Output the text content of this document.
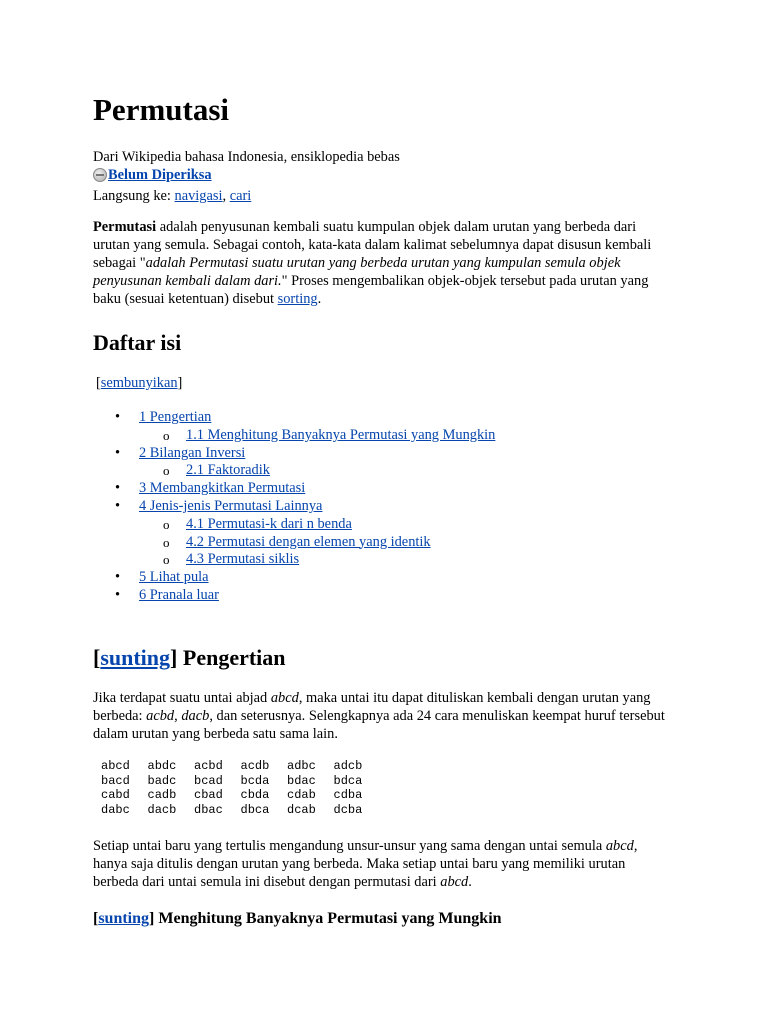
Permutasi
Dari Wikipedia bahasa Indonesia, ensiklopedia bebas
Belum Diperiksa
Langsung ke: navigasi, cari

Permutasi adalah penyusunan kembali suatu kumpulan objek dalam urutan yang berbeda dari urutan yang semula. Sebagai contoh, kata-kata dalam kalimat sebelumnya dapat disusun kembali sebagai "adalah Permutasi suatu urutan yang berbeda urutan yang kumpulan semula objek penyusunan kembali dalam dari." Proses mengembalikan objek-objek tersebut pada urutan yang baku (sesuai ketentuan) disebut sorting.

Daftar isi
[sembunyikan]
• 1 Pengertian
o 1.1 Menghitung Banyaknya Permutasi yang Mungkin
• 2 Bilangan Inversi
o 2.1 Faktoradik
• 3 Membangkitkan Permutasi
• 4 Jenis-jenis Permutasi Lainnya
o 4.1 Permutasi-k dari n benda
o 4.2 Permutasi dengan elemen yang identik
o 4.3 Permutasi siklis
• 5 Lihat pula
• 6 Pranala luar
[sunting] Pengertian

Jika terdapat suatu untai abjad abcd, maka untai itu dapat dituliskan kembali dengan urutan yang berbeda: acbd, dacb, dan seterusnya. Selengkapnya ada 24 cara menuliskan keempat huruf tersebut dalam urutan yang berbeda satu sama lain.

abcd	abdc	acbd	acdb	adbc	adcb
bacd	badc	bcad	bcda	bdac	bdca
cabd	cadb	cbad	cbda	cdab	cdba
dabc	dacb	dbac	dbca	dcab	dcba

Setiap untai baru yang tertulis mengandung unsur-unsur yang sama dengan untai semula abcd, hanya saja ditulis dengan urutan yang berbeda. Maka setiap untai baru yang memiliki urutan berbeda dari untai semula ini disebut dengan permutasi dari abcd.

[sunting] Menghitung Banyaknya Permutasi yang Mungkin
